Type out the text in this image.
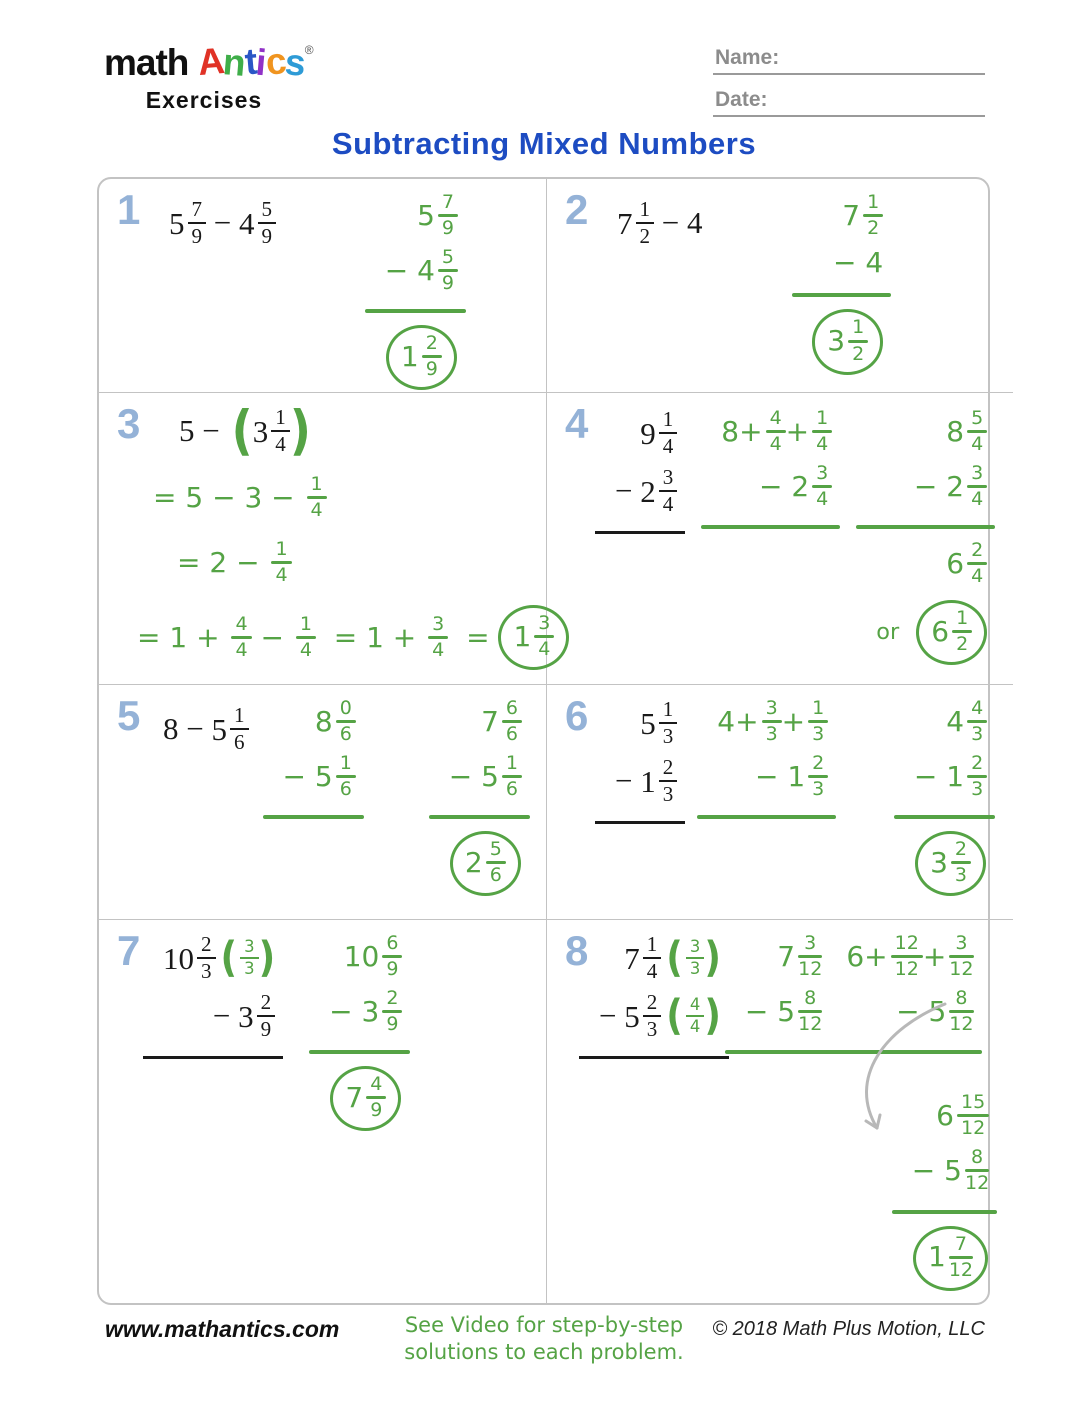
math Antics®
Exercises
Name:
Date:
Subtracting Mixed Numbers
1 $5 \frac{7}{9} - 4 \frac{5}{9}$	$5 \frac{7}{9}$
− $4 \frac{5}{9}$
$1 \frac{2}{9}$
2 $7 \frac{1}{2} - 4$	$7 \frac{1}{2}$
− 4
$3 \frac{1}{2}$
3 5 − ( $3 \frac{1}{4}$ )
= $5 - 3 - \frac{1}{4}$
= $2 - \frac{1}{4}$
= $1 + \frac{4}{4} - \frac{1}{4} = 1 + \frac{3}{4} = 1 \frac{3}{4}$
4 $9 \frac{1}{4}$
− $2 \frac{3}{4}$
$8+ \frac{4}{4} + \frac{1}{4}$
− $2 \frac{3}{4}$
$8 \frac{5}{4}$
− $2 \frac{3}{4}$
$6 \frac{2}{4}$
or $6 \frac{1}{2}$
5 $8 - 5 \frac{1}{6} 8 \frac{0}{6}$
− $5 \frac{1}{6}$
$7 \frac{6}{6}$
− $5 \frac{1}{6}$
$2 \frac{5}{6}$
6 $5 \frac{1}{3}$
− $1 \frac{2}{3}$
$4+ \frac{3}{3} + \frac{1}{3}$
− $1 \frac{2}{3}$
$4 \frac{4}{3}$
− $1 \frac{2}{3}$
$3 \frac{2}{3}$
7 $10 \frac{2}{3}$ ( $\frac{3}{3}$ )
− $3 \frac{2}{9}$
$10 \frac{6}{9}$
− $3 \frac{2}{9}$
$7 \frac{4}{9}$
8 $7 \frac{1}{4}$ ( $\frac{3}{3}$ )
− $5 \frac{2}{3}$ ( $\frac{4}{4}$ )
$7 \frac{3}{12}$
− $5 \frac{8}{12}$
$6+ \frac{12}{12} + \frac{3}{12}$
− $5 \frac{8}{12}$
$6 \frac{15}{12}$
− $5 \frac{8}{12}$
$1 \frac{7}{12}$
www.mathantics.com	See Video for step-by-step
solutions to each problem.
© 2018 Math Plus Motion, LLC
